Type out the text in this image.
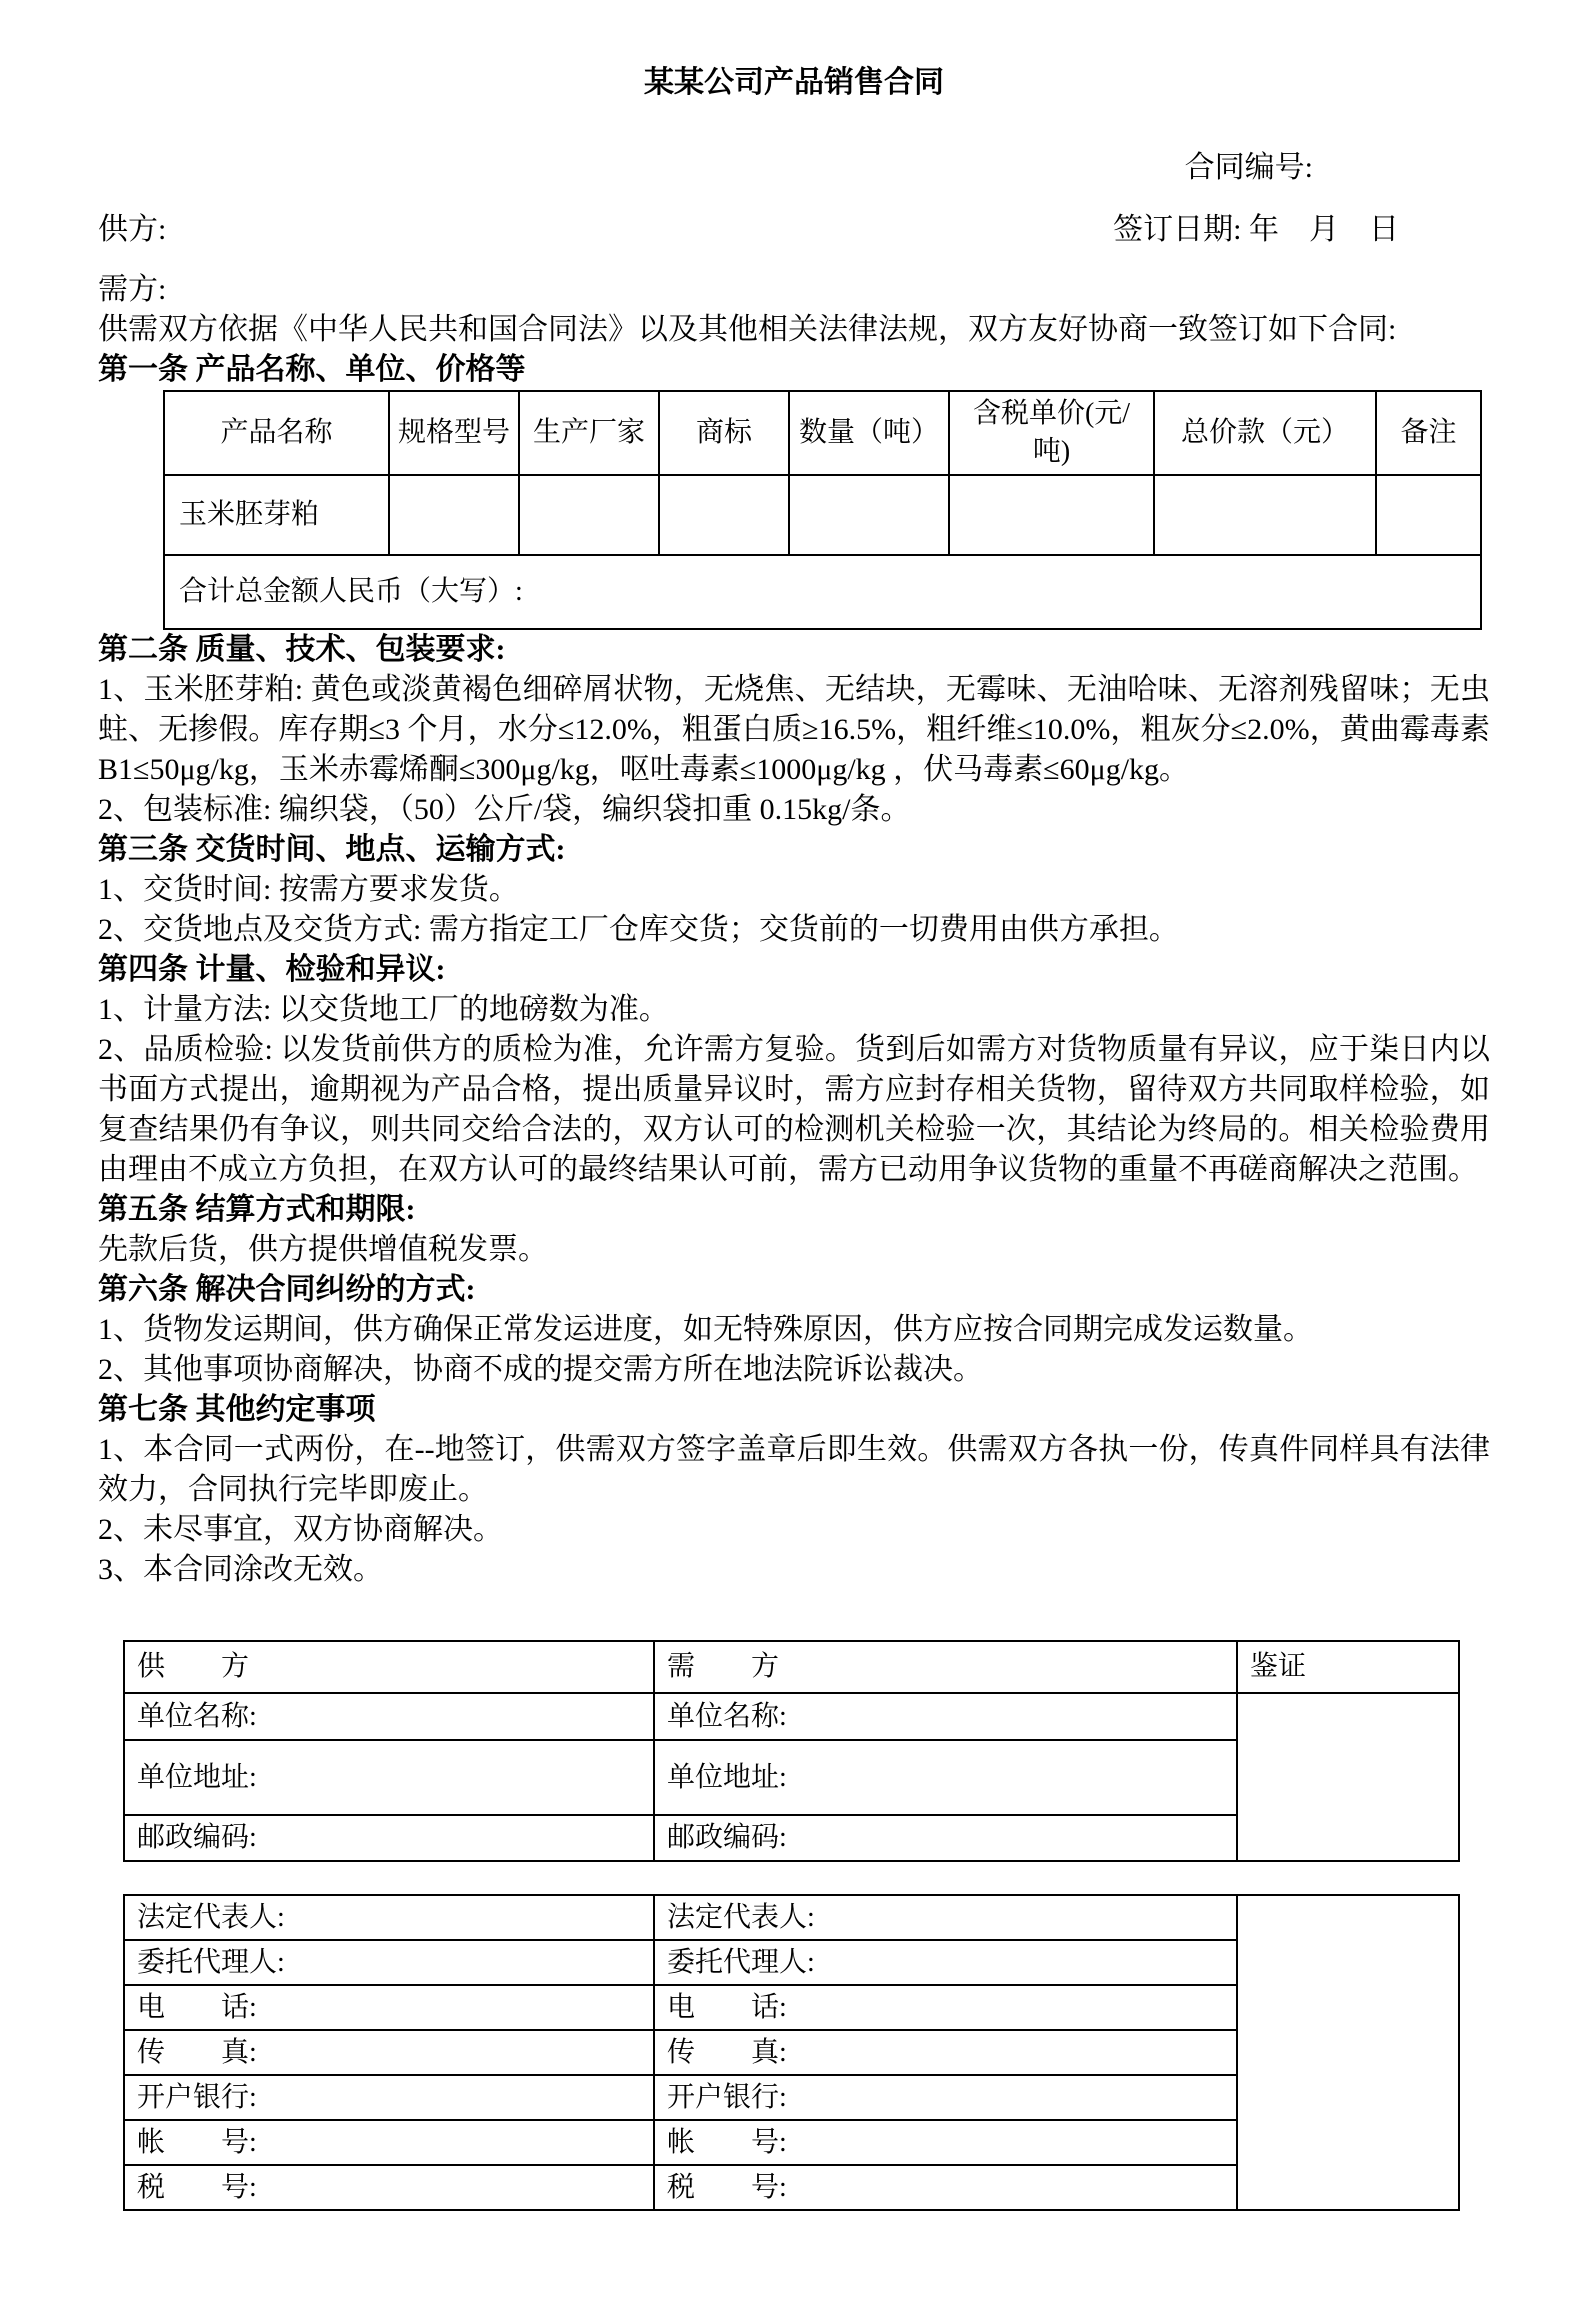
某某公司产品销售合同
合同编号:
供方:	签订日期: 年　月　日
需方:

供需双方依据《中华人民共和国合同法》以及其他相关法律法规，双方友好协商一致签订如下合同:

第一条 产品名称、单位、价格等
产品名称	规格型号	生产厂家	商标	数量（吨）	含税单价(元/吨)	总价款（元）	备注
玉米胚芽粕							
合计总金额人民币（大写）:							
第二条 质量、技术、包装要求:

1、玉米胚芽粕: 黄色或淡黄褐色细碎屑状物，无烧焦、无结块，无霉味、无油哈味、无溶剂残留味；无虫蛀、无掺假。库存期≤3 个月，水分≤12.0%，粗蛋白质≥16.5%，粗纤维≤10.0%，粗灰分≤2.0%，黄曲霉毒素 B1≤50μg/kg，玉米赤霉烯酮≤300μg/kg，呕吐毒素≤1000μg/kg ，伏马毒素≤60μg/kg。

2、包装标准: 编织袋，（50）公斤/袋，编织袋扣重 0.15kg/条。

第三条 交货时间、地点、运输方式:

1、交货时间: 按需方要求发货。

2、交货地点及交货方式: 需方指定工厂仓库交货；交货前的一切费用由供方承担。

第四条 计量、检验和异议:

1、计量方法: 以交货地工厂的地磅数为准。

2、品质检验: 以发货前供方的质检为准，允许需方复验。货到后如需方对货物质量有异议，应于柒日内以书面方式提出，逾期视为产品合格，提出质量异议时，需方应封存相关货物，留待双方共同取样检验，如复查结果仍有争议，则共同交给合法的，双方认可的检测机关检验一次，其结论为终局的。相关检验费用由理由不成立方负担，在双方认可的最终结果认可前，需方已动用争议货物的重量不再磋商解决之范围。

第五条 结算方式和期限:

先款后货，供方提供增值税发票。

第六条 解决合同纠纷的方式:

1、货物发运期间，供方确保正常发运进度，如无特殊原因，供方应按合同期完成发运数量。

2、其他事项协商解决，协商不成的提交需方所在地法院诉讼裁决。

第七条 其他约定事项

1、本合同一式两份，在--地签订，供需双方签字盖章后即生效。供需双方各执一份，传真件同样具有法律效力，合同执行完毕即废止。

2、未尽事宜，双方协商解决。

3、本合同涂改无效。

供　　方	需　　方	鉴证
单位名称:	单位名称:	
单位地址:	单位地址:	
邮政编码:	邮政编码:	
法定代表人:	法定代表人:	
委托代理人:	委托代理人:	
电　　话:	电　　话:	
传　　真:	传　　真:	
开户银行:	开户银行:	
帐　　号:	帐　　号:	
税　　号:	税　　号:	
